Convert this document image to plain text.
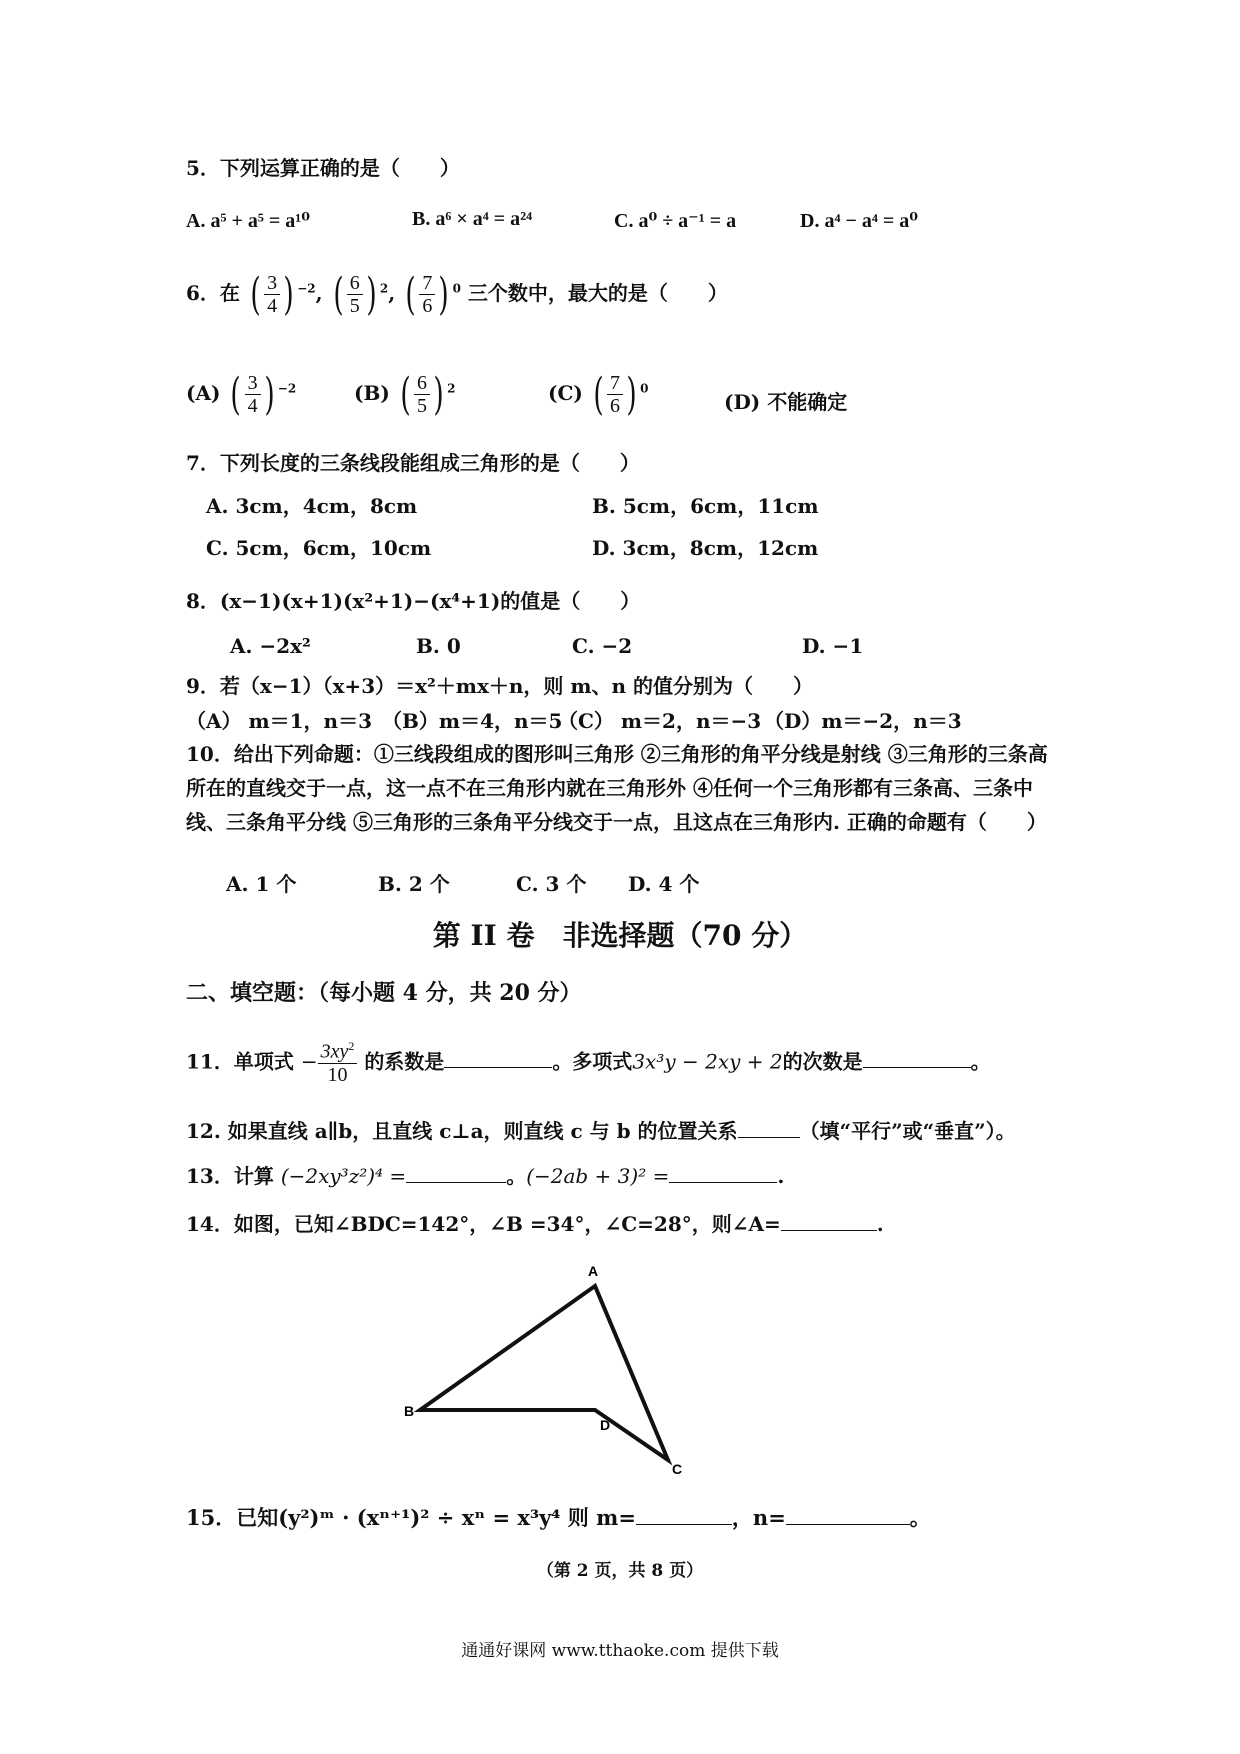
5．下列运算正确的是（　　）
A. a⁵ + a⁵ = a¹⁰	B. a⁶ × a⁴ = a²⁴	C. a⁰ ÷ a⁻¹ = a	D. a⁴ − a⁴ = a⁰
6．在 ( $\frac{3}{4}$ ) $^{-2}$, ( $\frac{6}{5}$ ) $^2$, ( $\frac{7}{6}$ ) $^0$ 三个数中，最大的是（　　）
(A) ( $\frac{3}{4}$ ) $^{-2}$	(B) ( $\frac{6}{5}$ ) $^2$	(C) ( $\frac{7}{6}$ ) $^0$
(D) 不能确定
7．下列长度的三条线段能组成三角形的是（　　）
A. 3cm，4cm，8cm	B. 5cm，6cm，11cm
C. 5cm，6cm，10cm	D. 3cm，8cm，12cm
8．(x−1)(x+1)(x²+1)−(x⁴+1)的值是（　　）
A. −2x²	B. 0	C. −2	D. −1
9．若（x−1）（x+3）＝x²＋mx＋n，则 m、n 的值分别为（　　）
（A） m＝1，n＝3 （B）m＝4，n＝5
（C） m＝2，n＝−3 （D）m＝−2，n＝3
10．给出下列命题：①三线段组成的图形叫三角形 ②三角形的角平分线是射线 ③三角形的三条高所在的直线交于一点，这一点不在三角形内就在三角形外 ④任何一个三角形都有三条高、三条中线、三条角平分线 ⑤三角形的三条角平分线交于一点，且这点在三角形内. 正确的命题有（　　）
A. 1 个	B. 2 个	C. 3 个 D. 4 个
第 II 卷　非选择题（70 分）
二、填空题：（每小题 4 分，共 20 分）
11．单项式 − $\frac{3xy^2}{10}$ 的系数是	。多项式3x³y − 2xy + 2的次数是	。
12. 如果直线 a∥b，且直线 c⊥a，则直线 c 与 b 的位置关系	（填“平行”或“垂直”）。
13．计算 (−2xy³z²)⁴ =	。(−2ab + 3)² =	.
14．如图，已知∠BDC=142°，∠B =34°，∠C=28°，则∠A=	.
A
B
D
C
15．已知(y²)ᵐ · (xⁿ⁺¹)² ÷ xⁿ = x³y⁴ 则 m=	，n=	。
（第 2 页，共 8 页）
通通好课网 www.tthaoke.com 提供下载
